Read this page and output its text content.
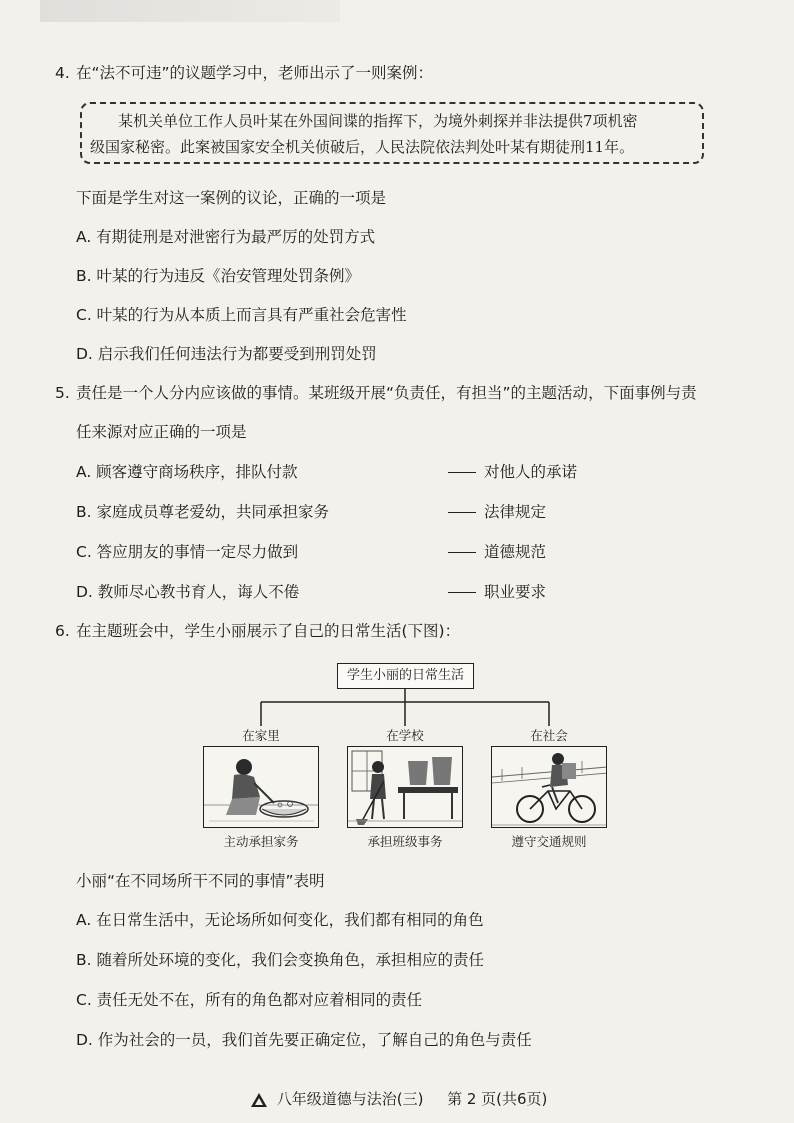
4. 在“法不可违”的议题学习中，老师出示了一则案例：
某机关单位工作人员叶某在外国间谍的指挥下，为境外刺探并非法提供7项机密
级国家秘密。此案被国家安全机关侦破后，人民法院依法判处叶某有期徒刑11年。
下面是学生对这一案例的议论，正确的一项是
A. 有期徒刑是对泄密行为最严厉的处罚方式
B. 叶某的行为违反《治安管理处罚条例》
C. 叶某的行为从本质上而言具有严重社会危害性
D. 启示我们任何违法行为都要受到刑罚处罚
5. 责任是一个人分内应该做的事情。某班级开展“负责任，有担当”的主题活动，下面事例与责
任来源对应正确的一项是
A. 顾客遵守商场秩序，排队付款	对他人的承诺
B. 家庭成员尊老爱幼，共同承担家务	法律规定
C. 答应朋友的事情一定尽力做到	道德规范
D. 教师尽心教书育人，诲人不倦	职业要求
6. 在主题班会中，学生小丽展示了自己的日常生活(下图)：
学生小丽的日常生活
在家里	在学校	在社会
主动承担家务	承担班级事务	遵守交通规则
小丽“在不同场所干不同的事情”表明
A. 在日常生活中，无论场所如何变化，我们都有相同的角色
B. 随着所处环境的变化，我们会变换角色，承担相应的责任
C. 责任无处不在，所有的角色都对应着相同的责任
D. 作为社会的一员，我们首先要正确定位，了解自己的角色与责任
八年级道德与法治(三) 第 2 页(共6页)
